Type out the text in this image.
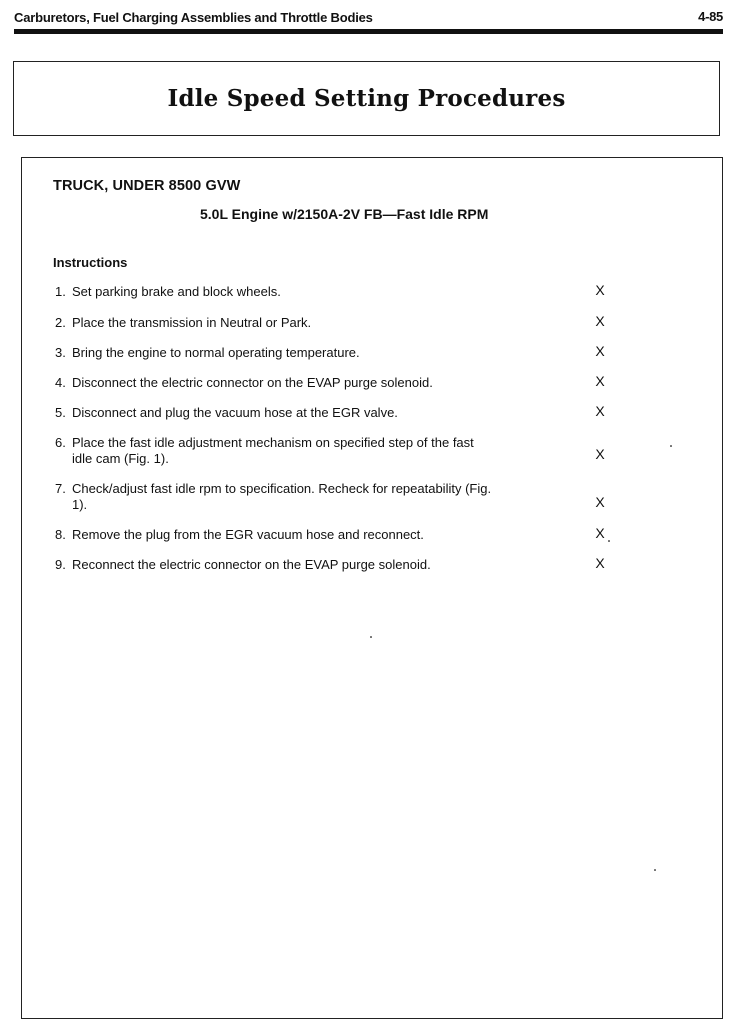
Carburetors, Fuel Charging Assemblies and Throttle Bodies	4-85
Idle Speed Setting Procedures
TRUCK, UNDER 8500 GVW
5.0L Engine w/2150A-2V FB—Fast Idle RPM
Instructions
1. Set parking brake and block wheels.	X
2. Place the transmission in Neutral or Park.	X
3. Bring the engine to normal operating temperature.	X
4. Disconnect the electric connector on the EVAP purge solenoid.	X
5. Disconnect and plug the vacuum hose at the EGR valve.	X
6. Place the fast idle adjustment mechanism on specified step of the fast idle cam (Fig. 1).	X
7. Check/adjust fast idle rpm to specification. Recheck for repeatability (Fig. 1).	X
8. Remove the plug from the EGR vacuum hose and reconnect.	X
9. Reconnect the electric connector on the EVAP purge solenoid.	X
